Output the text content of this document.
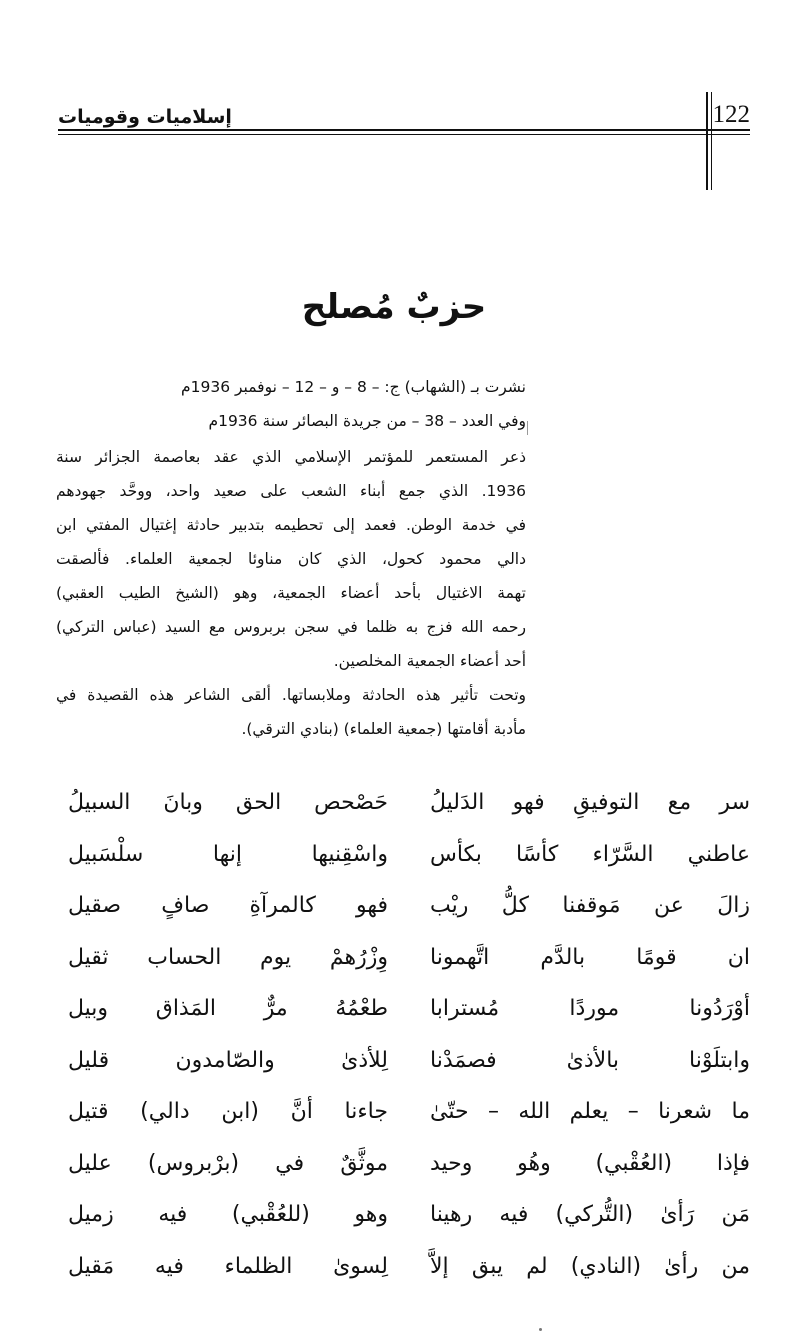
إسلاميات وقوميات	122
حزبٌ مُصلح
نشرت بـ (الشهاب) ج: – 8 – و – 12 – نوفمبر 1936م
وفي العدد – 38 – من جريدة البصائر سنة 1936م
ذعر المستعمر للمؤتمر الإسلامي الذي عقد بعاصمة الجزائر سنة
1936. الذي جمع أبناء الشعب على صعيد واحد، ووحَّد جهودهم
في خدمة الوطن. فعمد إلى تحطيمه بتدبير حادثة إغتيال المفتي ابن
دالي محمود كحول، الذي كان مناوئا لجمعية العلماء. فألصقت
تهمة الاغتيال بأحد أعضاء الجمعية، وهو (الشيخ الطيب العقبي)
رحمه الله فزج به ظلما في سجن بربروس مع السيد (عباس التركي)
أحد أعضاء الجمعية المخلصين.
وتحت تأثير هذه الحادثة وملابساتها. ألقى الشاعر هذه القصيدة في
مأدبة أقامتها (جمعية العلماء) (بنادي الترقي).
سر مع التوفيقِ فهو الدَليلُ
حَصْحص الحق وبانَ السبيلُ
عاطني السَّرّاء كأسًا بكأس
واسْقِنيها إنها سلْسَبيل
زالَ عن مَوقفنا كلُّ ريْب
فهو كالمرآةِ صافٍ صقيل
ان قومًا بالدَّم اتَّهمونا
وِزْرُهمْ يوم الحساب ثقيل
أوْرَدُونا موردًا مُسترابا
طعْمُهُ مرٌّ المَذاق وبيل
وابتلَوْنا بالأذىٰ فصمَدْنا
لِلأذىٰ والصّامدون قليل
ما شعرنا – يعلم الله – حتّىٰ
جاءنا أنَّ (ابن دالي) قتيل
فإذا (العُقْبي) وهُو وحيد
موثَّقٌ في (برْبروس) عليل
مَن رَأىٰ (التُّركي) فيه رهينا
وهو (للعُقْبي) فيه زميل
من رأىٰ (النادي) لم يبق إلاَّ
لِسوىٰ الظلماء فيه مَقيل
